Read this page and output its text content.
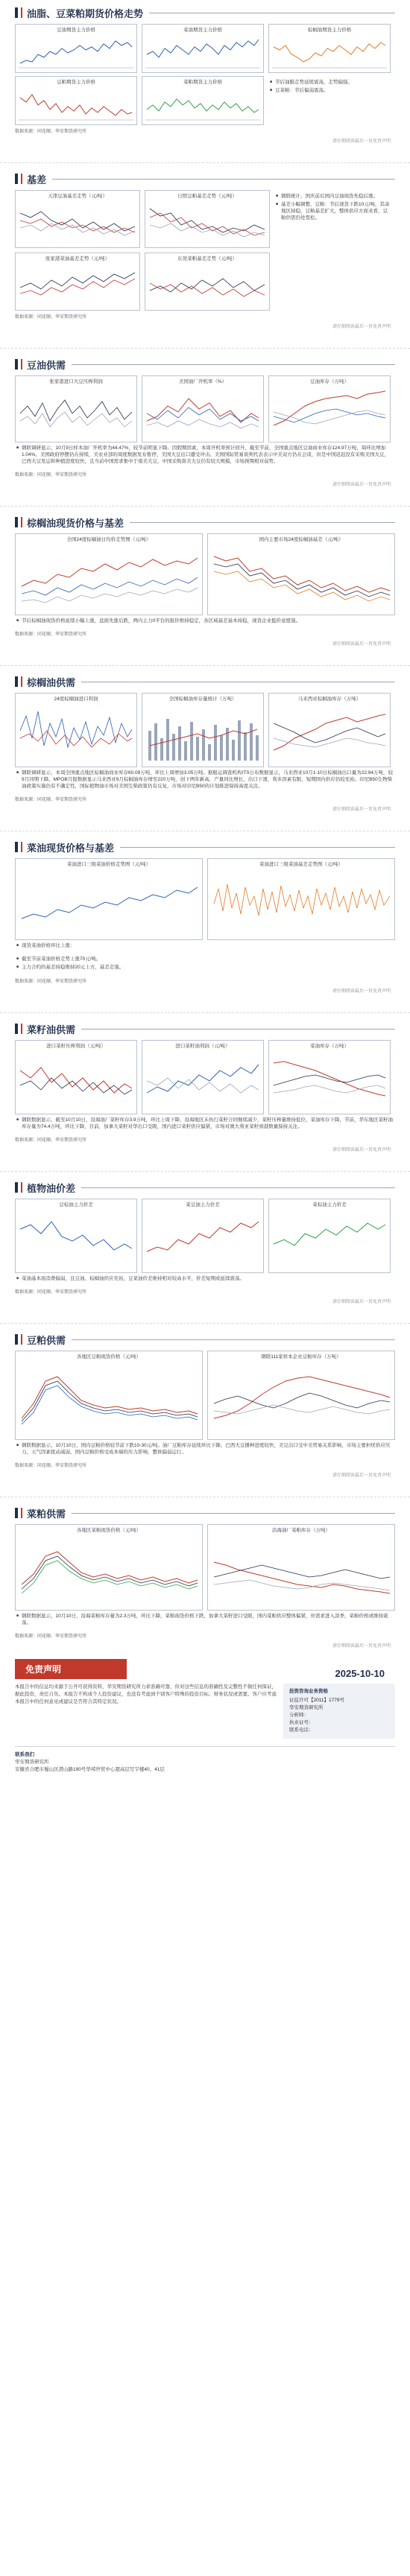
油脂、豆菜粕期货价格走势
豆油期货主力价格	菜油期货主力价格	棕榈油期货主力价格
豆粕期货主力价格	菜粕期货主力价格
■	节后油脂走势延续震荡，走势偏强。
■ 豆菜粕：节后偏弱震荡。
数据来源：同花顺、华安期货研究所
请仔细阅读最后一页免责声明
基差
天津豆油基差走势（元/吨）	日照豆粕基差走势（元/吨）
张家港菜油基差走势（元/吨）	东莞菜粕基差走势（元/吨）
■ 钢联统计，国庆前后国内豆油现货先稳后涨。
■ 基差小幅调整，豆粕：节后现货下跌10元/吨，其余地区持稳，豆粕基差扩大，整体供应方面来看，豆粕供需仍处宽松。
数据来源：同花顺、华安期货研究所
请仔细阅读最后一页免责声明
豆油供需
张家港进口大豆压榨利润	美国油厂开机率（%）	豆油库存（万吨）

■ 钢联调研显示，10月9日样本油厂开机率为44.47%，较节前明显下降。因假期因素，本周开机率预计回升，截至节前，全国重点地区豆油商业库存124.97万吨，周环比增加1.04%。美国政府停摆仍在持续，美农业部的周度数据发布暂停，美国大豆出口遭受冲击。美国国际贸易谈判代表表示中美双方仍在会谈，但是中国迟迟没有采购美国大豆，巴西大豆发运和种植进度较快，且当前中国需求集中于南美大豆，中国采购南美大豆仍有较大规模，市场预期相对弱势。

数据来源：同花顺、华安期货研究所
请仔细阅读最后一页免责声明
棕榈油现货价格与基差
全国24度棕榈油日均价走势图（元/吨）	国内主要市场24度棕榈油基差（元/吨）

■ 节后棕榈油现货价格延续小幅上涨，盘面先涨后跌，两内主力0平台的报价维持稳定，各区域基差基本持稳，现货企业挺价意愿强。

数据来源：同花顺、华安期货研究所
请仔细阅读最后一页免责声明
棕榈油供需
24度棕榈油进口利润	全国棕榈油库存量统计（万吨）	马来西亚棕榈油库存（万吨）

■ 钢联调研显示，本周全国重点地区棕榈油商业库存60.09万吨，环比上周增加3.05万吨。据船运调查机构ITS公布数据显示，马来西亚10月1-10日棕榈油出口量为22.94万吨，较9月同期下降。MPOB月报数据显示马来西亚9月棕榈油库存增至220万吨，创下两年新高，产量同比增长，出口下滑，利多因素有限，短期国内供应仍较充裕。印尼B50生物柴油政策实施仍有不确定性，国际植物油市场对美国生柴政策仍有反复，市场对印尼B50的计划推进保持高度关注。

数据来源：同花顺、华安期货研究所
请仔细阅读最后一页免责声明
菜油现货价格与基差
菜油进口三级菜油价格走势图（元/吨）	菜油进口三级菜油基差走势图（元/吨）

■ 现货菜油价格环比上涨：

■ 截至节前菜油价格走势上涨70元/吨。
■ 主力合约的基差持稳维持20元上方，基差走强。
数据来源：同花顺、华安期货研究所
请仔细阅读最后一页免责声明
菜籽油供需
进口菜籽压榨利润（元/吨）	进口菜籽油利润（元/吨）	菜油库存（万吨）

■ 钢联数据显示，截至10月10日，沿海油厂菜籽库存3.9万吨，环比上周下降，沿海地区未执行菜籽合同继续减少，菜籽压榨量维持低位，菜油库存下降，节前，华东地区菜籽油库存量为74.4万吨，环比下降，目前，加拿大菜籽对华出口受限，国内进口菜籽供应偏紧，市场对澳大利亚菜籽到港数量保持关注。

数据来源：同花顺、华安期货研究所
请仔细阅读最后一页免责声明
植物油价差
豆棕油主力价差	菜豆油主力价差	菜棕油主力价差

■ 菜油基本面消费偏弱，且豆油、棕榈油供应充裕，豆菜油价差维持相对较高水平，价差短期或延续震荡。

数据来源：同花顺、华安期货研究所
请仔细阅读最后一页免责声明
豆粕供需
各地区豆粕现货价格（元/吨）	钢联111家样本企业豆粕库存（万吨）

■ 钢联数据显示，10月10日，国内豆粕价格较节前下跌10-30元/吨。油厂豆粕库存延续环比下降，巴西大豆播种进度较快，美豆出口受中美贸易关系影响，市场主要担忧供应压力，天气因素扰动减弱，国内豆粕价格受成本端的压力影响，整体偏弱运行。

数据来源：同花顺、华安期货研究所
请仔细阅读最后一页免责声明
菜粕供需
各地区菜粕现货价格（元/吨）	沿海油厂菜粕库存（万吨）

■ 钢联数据显示，10月10日，沿海菜粕库存量为2.3万吨，环比下降，菜粕现货价格下跌，加拿大菜籽进口受限，国内菜粕供应整体偏紧，但需求进入淡季，菜粕价格或维持震荡。

数据来源：同花顺、华安期货研究所
请仔细阅读最后一页免责声明
免责声明	2025-10-10
本报告中的信息均来源于公开可获得资料，华安期货研究所力求准确可靠，但对这些信息的准确性及完整性不做任何保证，据此投资，责任自负。本报告不构成个人投资建议，也没有考虑到个别客户特殊的投资目标、财务状况或需要。客户应考虑本报告中的任何意见或建议是否符合其特定状况。
投资咨询业务资格
证监许可【2011】1779号
华安期货研究所
分析师：
执业证号：
联系电话：
联系我们
华安期货研究所
安徽省合肥市蜀山区潜山路190号华邦世贸中心超高层写字楼40、41层
